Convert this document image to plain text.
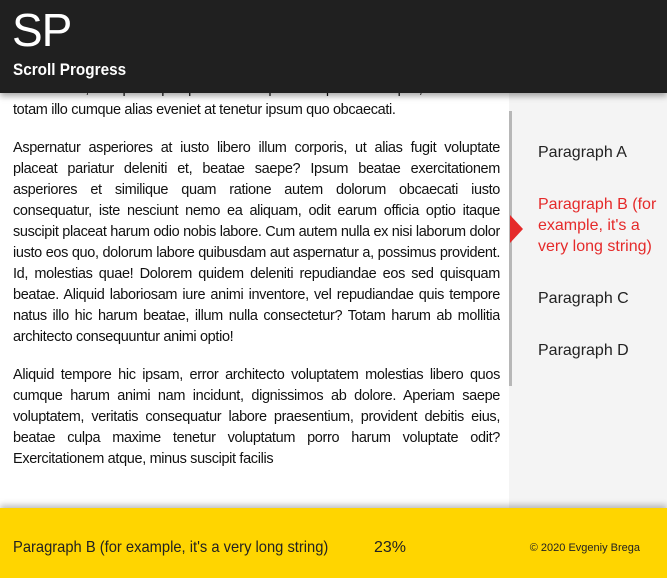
SP
Scroll Progress

totam illo cumque alias eveniet at tenetur ipsum quo obcaecati.

Aspernatur asperiores at iusto libero illum corporis, ut alias fugit voluptate placeat pariatur deleniti et, beatae saepe? Ipsum beatae exercitationem asperiores et similique quam ratione autem dolorum obcaecati iusto consequatur, iste nesciunt nemo ea aliquam, odit earum officia optio itaque suscipit placeat harum odio nobis labore. Cum autem nulla ex nisi laborum dolor iusto eos quo, dolorum labore quibusdam aut aspernatur a, possimus provident. Id, molestias quae! Dolorem quidem deleniti repudiandae eos sed quisquam beatae. Aliquid laboriosam iure animi inventore, vel repudiandae quis tempore natus illo hic harum beatae, illum nulla consectetur? Totam harum ab mollitia architecto consequuntur animi optio!

Aliquid tempore hic ipsam, error architecto voluptatem molestias libero quos cumque harum animi nam incidunt, dignissimos ab dolore. Aperiam saepe voluptatem, veritatis consequatur labore praesentium, provident debitis eius, beatae culpa maxime tenetur voluptatum porro harum voluptate odit? Exercitationem atque, minus suscipit facilis

Paragraph A
Paragraph B (for example, it's a very long string)
Paragraph C
Paragraph D
Paragraph B (for example, it's a very long string)	23%	© 2020 Evgeniy Brega
